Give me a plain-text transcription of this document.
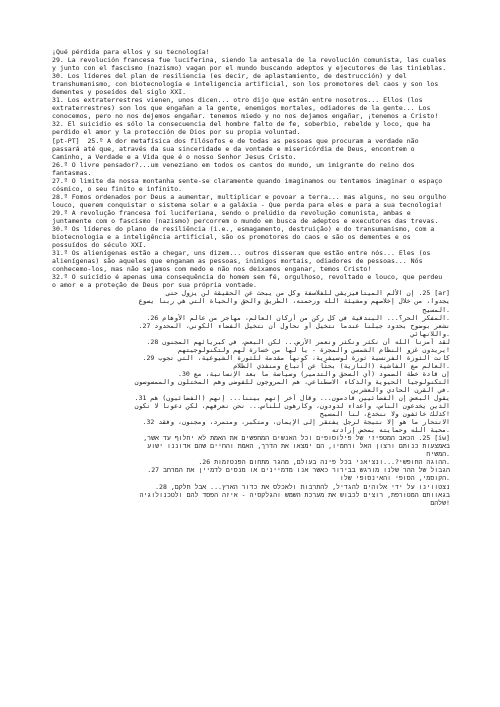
¡Qué pérdida para ellos y su tecnología!
29. La revolución francesa fue luciferina, siendo la antesala de la revolución comunista, las cuales y junto con el fascismo (nazismo) vagan por el mundo buscando adeptos y ejecutores de las tinieblas.
30. Los líderes del plan de resiliencia (es decir, de aplastamiento, de destrucción) y del transhumanismo, con biotecnología e inteligencia artificial, son los promotores del caos y son los dementes y poseídos del siglo XXI.
31. Los extraterrestres vienen, unos dicen... otro dijo que están entre nosotros... Ellos (los extraterrestres) son los que engañan a la gente, enemigos mortales, odiadores de la gente... Los conocemos, pero no nos dejemos engañar. tenemos miedo y no nos dejamos engañar, ¡tenemos a Cristo!
32. El suicidio es sólo la consecuencia del hombre falto de fe, soberbio, rebelde y loco, que ha perdido el amor y la protección de Dios por su propia voluntad.
[pt-PT]  25.º A dor metafísica dos filósofos e de todas as pessoas que procuram a verdade não passará até que, através da sua sinceridade e da vontade e misericórdia de Deus, encontrem o Caminho, a Verdade e a Vida que é o nosso Senhor Jesus Cristo.
26.º O livre pensador?...um veneziano em todos os cantos do mundo, um imigrante do reino dos fantasmas.
27.º O limite da nossa montanha sente-se claramente quando imaginamos ou tentamos imaginar o espaço cósmico, o seu finito e infinito.
28.º Fomos ordenados por Deus a aumentar, multiplicar e povoar a terra... mas alguns, no seu orgulho louco, querem conquistar o sistema solar e a galáxia - Que perda para eles e para a sua tecnologia!
29.º A revolução francesa foi luciferiana, sendo o prelúdio da revolução comunista, ambas e juntamente com o fascismo (nazismo) percorrem o mundo em busca de adeptos e executores das trevas.
30.º Os líderes do plano de resiliência (i.e., esmagamento, destruição) e do transumanismo, com a biotecnologia e a inteligência artificial, são os promotores do caos e são os dementes e os possuídos do século XXI.
31.º Os alienígenas estão a chegar, uns dizem... outros disseram que estão entre nós... Eles (os alienígenas) são aqueles que enganam as pessoas, inimigos mortais, odiadores de pessoas... Nós conhecemo-los, mas não sejamos com medo e não nos deixamos enganar, temos Cristo!
32.º O suicídio é apenas uma consequência do homem sem fé, orgulhoso, revoltado e louco, que perdeu o amor e a proteção de Deus por sua própria vontade.
[ar] 25. إن الألم الميتافيزيقي للفلاسفة وكل من يبحث عن الحقيقة لن يزول حتى
يجدوا، من خلال إخلاصهم ومشيئة الله ورحمته، الطريق والحق والحياة التي هي ربنا يسوع
.المسيح
.المفكر الحر؟... البندقية في كل ركن من أركان العالم، مهاجر من عالم الأوهام 26.
نشعر بوضوح بحدود جبلنا عندما نتخيل أو نحاول أن نتخيل الفضاء الكوني، المحدود 27.
.واللانهائي
لقد أمرنا الله أن نكثر ونكثر ونعمر الأرض... لكن البعض، في كبريائهم المجنون 28.
!يريدون غزو النظام الشمسي والمجرة - يا لها من خسارة لهم ولتكنولوجيتهم
كانت الثورة الفرنسية ثورة لوسيفرية، كونها مقدمة للثورة الشيوعية، التي تجوب 29.
.العالم مع الفاشية (النازية) بحثًا عن أتباع ومنفذي الظلام
إن قادة خطة الصمود (أي السحق والتدمير) وسياسة ما بعد الإنسانية، مع 30.
التكنولوجيا الحيوية والذكاء الاصطناعي، هم المروجون للفوضى وهم المختلون والممسوسون
.في القرن الحادي والعشرين
يقول البعض إن الفضائيين قادمون... وقال آخر إنهم بيننا... إنهم (الفضائيون) هم 31.
الذين يخدعون الناس، وأعداء لدودون، وكارهون للناس... نحن نعرفهم، لكن دعونا لا نكون
!كذلك خائفون ولا ننخدع، لنا المسيح
الانتحار ما هو إلا نتيجة لرجل يفتقر إلى الإيمان، ومتكبر، ومتمرد، ومجنون، وفقد 32.
.محبة الله وحمايته بمحض إرادته
[iw] 25. הכאב המטפיזי של פילוסופים וכל האנשים המחפשים את האמת לא יחלוף עד אשר,
באמצעות כנותם ורצון האל ורחמיו, הם ימצאו את הדרך, האמת והחיים שהם אדוננו ישוע
.המשיח
.ההוגה החופשי?...ונציאני בכל פינה בעולם, מהגר מתחום הפנטזמות 26.
הגבול של ההר שלנו מורגש בבירור כאשר אנו מדמיינים או מנסים לדמיין את המרחב 27.
.הקוסמי, הסופי והאינסופי שלו
נצטווינו על ידי אלוהים להגדיל, להתרבות ולאכלס את כדור הארץ... אבל חלקם, 28.
בגאוותם המטורפת, רוצים לכבוש את מערכת השמש והגלקסיה - איזה הפסד להם ולטכנולוגיה
!שלהם
